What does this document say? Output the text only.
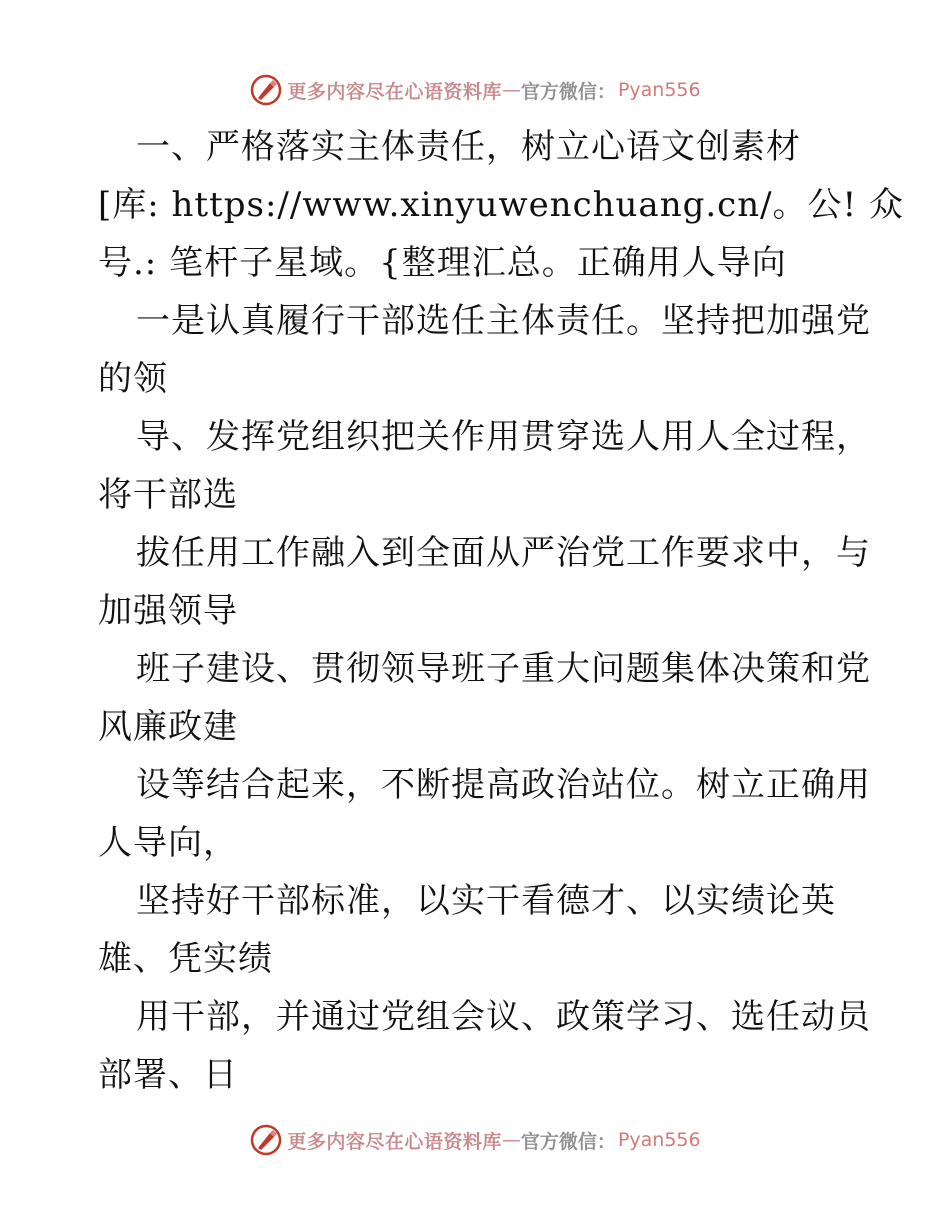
更多内容尽在心语资料库 — 官方微信： Pyan556
一、严格落实主体责任，树立心语文创素材
[库: https://www.xinyuwenchuang.cn/。公! 众
号.: 笔杆子星域。{整理汇总。正确用人导向
一是认真履行干部选任主体责任。坚持把加强党
的领
导、发挥党组织把关作用贯穿选人用人全过程，
将干部选
拔任用工作融入到全面从严治党工作要求中，与
加强领导
班子建设、贯彻领导班子重大问题集体决策和党
风廉政建
设等结合起来，不断提高政治站位。树立正确用
人导向，
坚持好干部标准，以实干看德才、以实绩论英
雄、凭实绩
用干部，并通过党组会议、政策学习、选任动员
部署、日
更多内容尽在心语资料库 — 官方微信： Pyan556
